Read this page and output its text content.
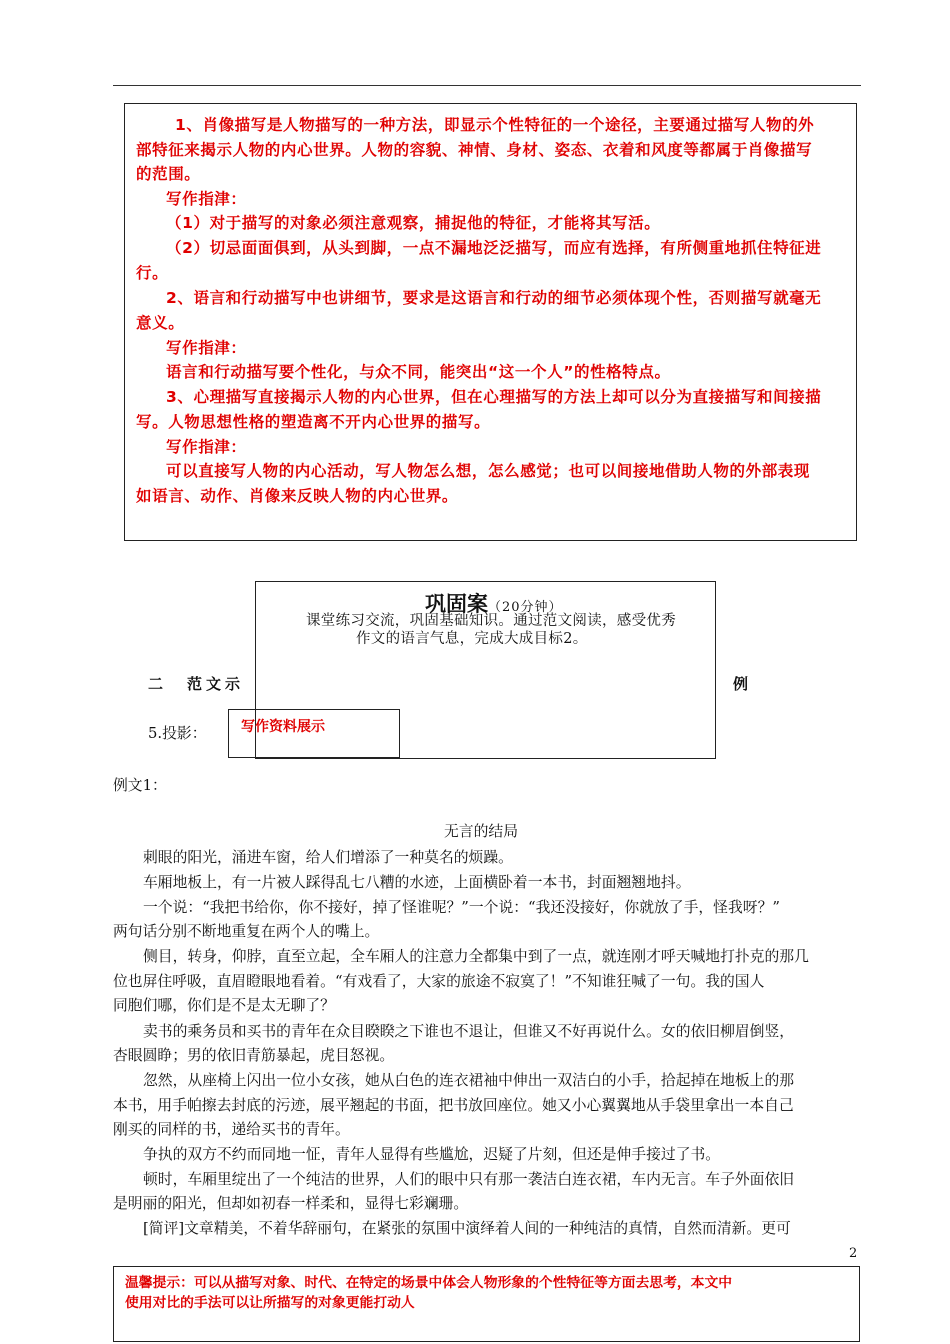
1、肖像描写是人物描写的一种方法，即显示个性特征的一个途径，主要通过描写人物的外
部特征来揭示人物的内心世界。人物的容貌、神情、身材、姿态、衣着和风度等都属于肖像描写
的范围。
写作指津：
（1）对于描写的对象必须注意观察，捕捉他的特征，才能将其写活。
（2）切忌面面俱到，从头到脚，一点不漏地泛泛描写，而应有选择，有所侧重地抓住特征进
行。
2、语言和行动描写中也讲细节，要求是这语言和行动的细节必须体现个性，否则描写就毫无
意义。
写作指津：
语言和行动描写要个性化，与众不同，能突出“这一个人”的性格特点。
3、心理描写直接揭示人物的内心世界，但在心理描写的方法上却可以分为直接描写和间接描
写。人物思想性格的塑造离不开内心世界的描写。
写作指津：
可以直接写人物的内心活动，写人物怎么想，怎么感觉；也可以间接地借助人物的外部表现
如语言、动作、肖像来反映人物的内心世界。
巩固案（20分钟）
课堂练习交流，巩固基础知识。通过范文阅读，感受优秀
作文的语言气息，完成大成目标2。
二 范文示	例
5.投影： 写作资料展示
例文1：
无言的结局
刺眼的阳光，涌进车窗，给人们增添了一种莫名的烦躁。
车厢地板上，有一片被人踩得乱七八糟的水迹，上面横卧着一本书，封面翘翘地抖。
一个说：“我把书给你，你不接好，掉了怪谁呢？”一个说：“我还没接好，你就放了手，怪我呀？”
两句话分别不断地重复在两个人的嘴上。
侧目，转身，仰脖，直至立起，全车厢人的注意力全都集中到了一点，就连刚才呼天喊地打扑克的那几
位也屏住呼吸，直眉瞪眼地看着。“有戏看了，大家的旅途不寂寞了！”不知谁狂喊了一句。我的国人
同胞们哪，你们是不是太无聊了？
卖书的乘务员和买书的青年在众目睽睽之下谁也不退让，但谁又不好再说什么。女的依旧柳眉倒竖，
杏眼圆睁；男的依旧青筋暴起，虎目怒视。
忽然，从座椅上闪出一位小女孩，她从白色的连衣裙袖中伸出一双洁白的小手，拾起掉在地板上的那
本书，用手帕擦去封底的污迹，展平翘起的书面，把书放回座位。她又小心翼翼地从手袋里拿出一本自己
刚买的同样的书，递给买书的青年。
争执的双方不约而同地一怔，青年人显得有些尴尬，迟疑了片刻，但还是伸手接过了书。
顿时，车厢里绽出了一个纯洁的世界，人们的眼中只有那一袭洁白连衣裙，车内无言。车子外面依旧
是明丽的阳光，但却如初春一样柔和，显得七彩斓珊。
[简评]文章精美，不着华辞丽句，在紧张的氛围中演绎着人间的一种纯洁的真情，自然而清新。更可
2
温馨提示：可以从描写对象、时代、在特定的场景中体会人物形象的个性特征等方面去思考，本文中
使用对比的手法可以让所描写的对象更能打动人
